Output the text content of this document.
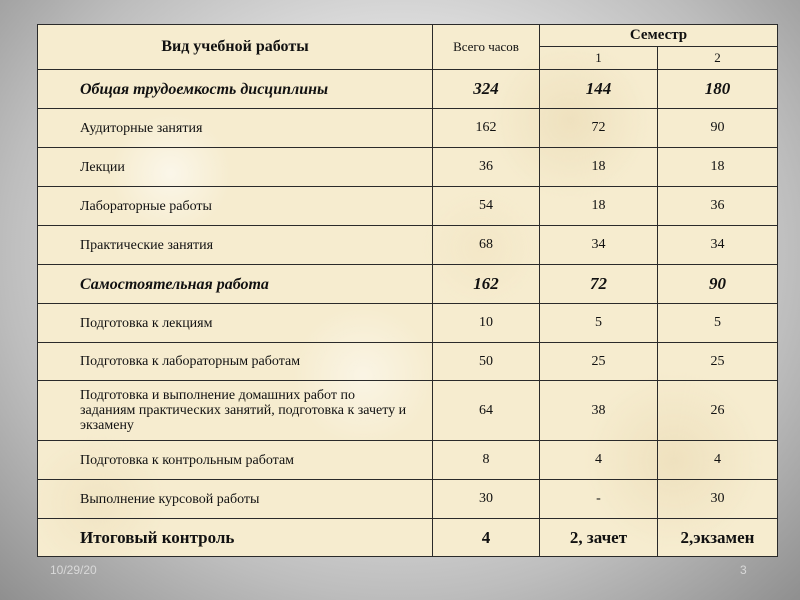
Вид учебной работы	Всего часов	Семестр	
		1	2
Общая трудоемкость дисциплины	324	144	180
Аудиторные занятия	162	72	90
Лекции	36	18	18
Лабораторные работы	54	18	36
Практические занятия	68	34	34
Самостоятельная работа	162	72	90
Подготовка к лекциям	10	5	5
Подготовка к лабораторным работам	50	25	25
Подготовка и выполнение домашних работ по заданиям практических занятий, подготовка к зачету и экзамену	64	38	26
Подготовка к контрольным работам	8	4	4
Выполнение курсовой работы	30	-	30
Итоговый контроль	4	2, зачет	2,экзамен
10/29/20	3
